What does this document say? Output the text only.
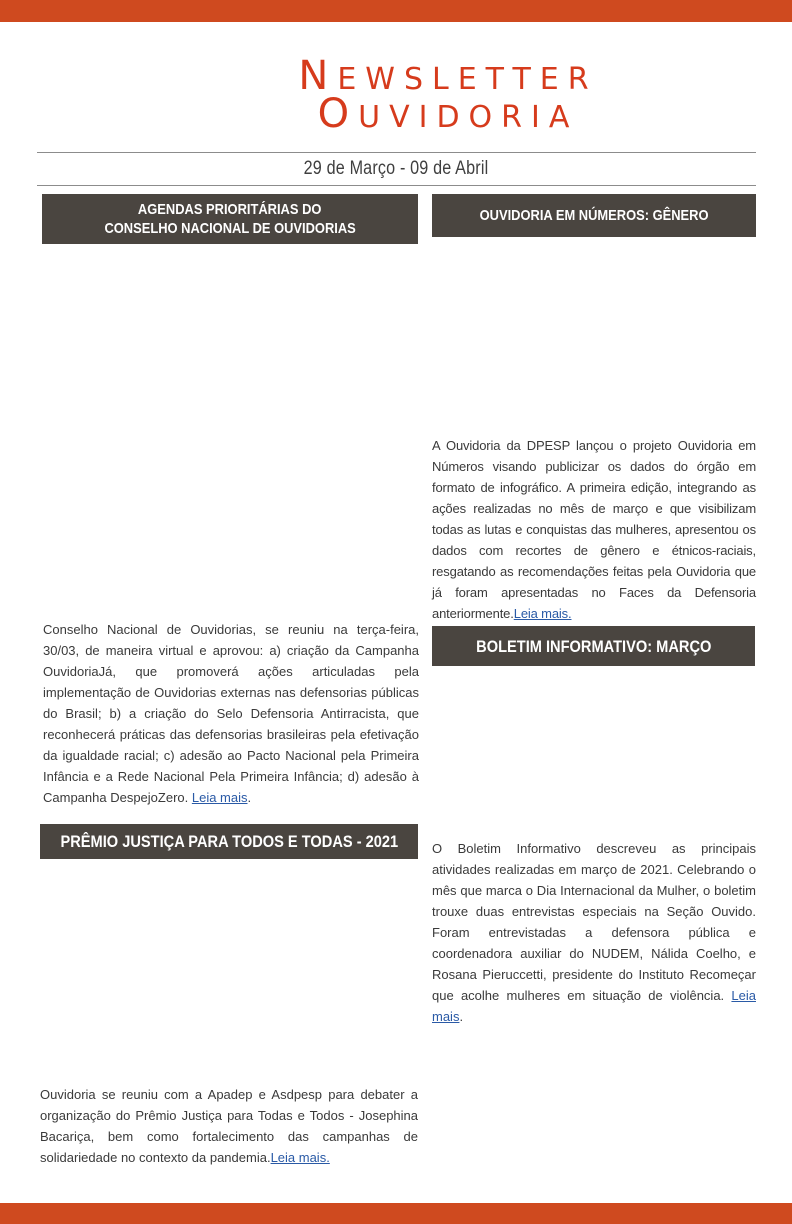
NEWSLETTER
OUVIDORIA
29 de Março - 09 de Abril
AGENDAS PRIORITÁRIAS DO
CONSELHO NACIONAL DE OUVIDORIAS

Conselho Nacional de Ouvidorias, se reuniu na terça-feira, 30/03, de maneira virtual e aprovou: a) criação da Campanha OuvidoriaJá, que promoverá ações articuladas pela implementação de Ouvidorias externas nas defensorias públicas do Brasil; b) a criação do Selo Defensoria Antirracista, que reconhecerá práticas das defensorias brasileiras pela efetivação da igualdade racial; c) adesão ao Pacto Nacional pela Primeira Infância e a Rede Nacional Pela Primeira Infância; d) adesão à Campanha DespejoZero. Leia mais.

OUVIDORIA EM NÚMEROS: GÊNERO

A Ouvidoria da DPESP lançou o projeto Ouvidoria em Números visando publicizar os dados do órgão em formato de infográfico. A primeira edição, integrando as ações realizadas no mês de março e que visibilizam todas as lutas e conquistas das mulheres, apresentou os dados com recortes de gênero e étnicos-raciais, resgatando as recomendações feitas pela Ouvidoria que já foram apresentadas no Faces da Defensoria anteriormente.Leia mais.

BOLETIM INFORMATIVO: MARÇO

O Boletim Informativo descreveu as principais atividades realizadas em março de 2021. Celebrando o mês que marca o Dia Internacional da Mulher, o boletim trouxe duas entrevistas especiais na Seção Ouvido. Foram entrevistadas a defensora pública e coordenadora auxiliar do NUDEM, Nálida Coelho, e Rosana Pieruccetti, presidente do Instituto Recomeçar que acolhe mulheres em situação de violência. Leia mais.

PRÊMIO JUSTIÇA PARA TODOS E TODAS - 2021

Ouvidoria se reuniu com a Apadep e Asdpesp para debater a organização do Prêmio Justiça para Todas e Todos - Josephina Bacariça, bem como fortalecimento das campanhas de solidariedade no contexto da pandemia.Leia mais.
